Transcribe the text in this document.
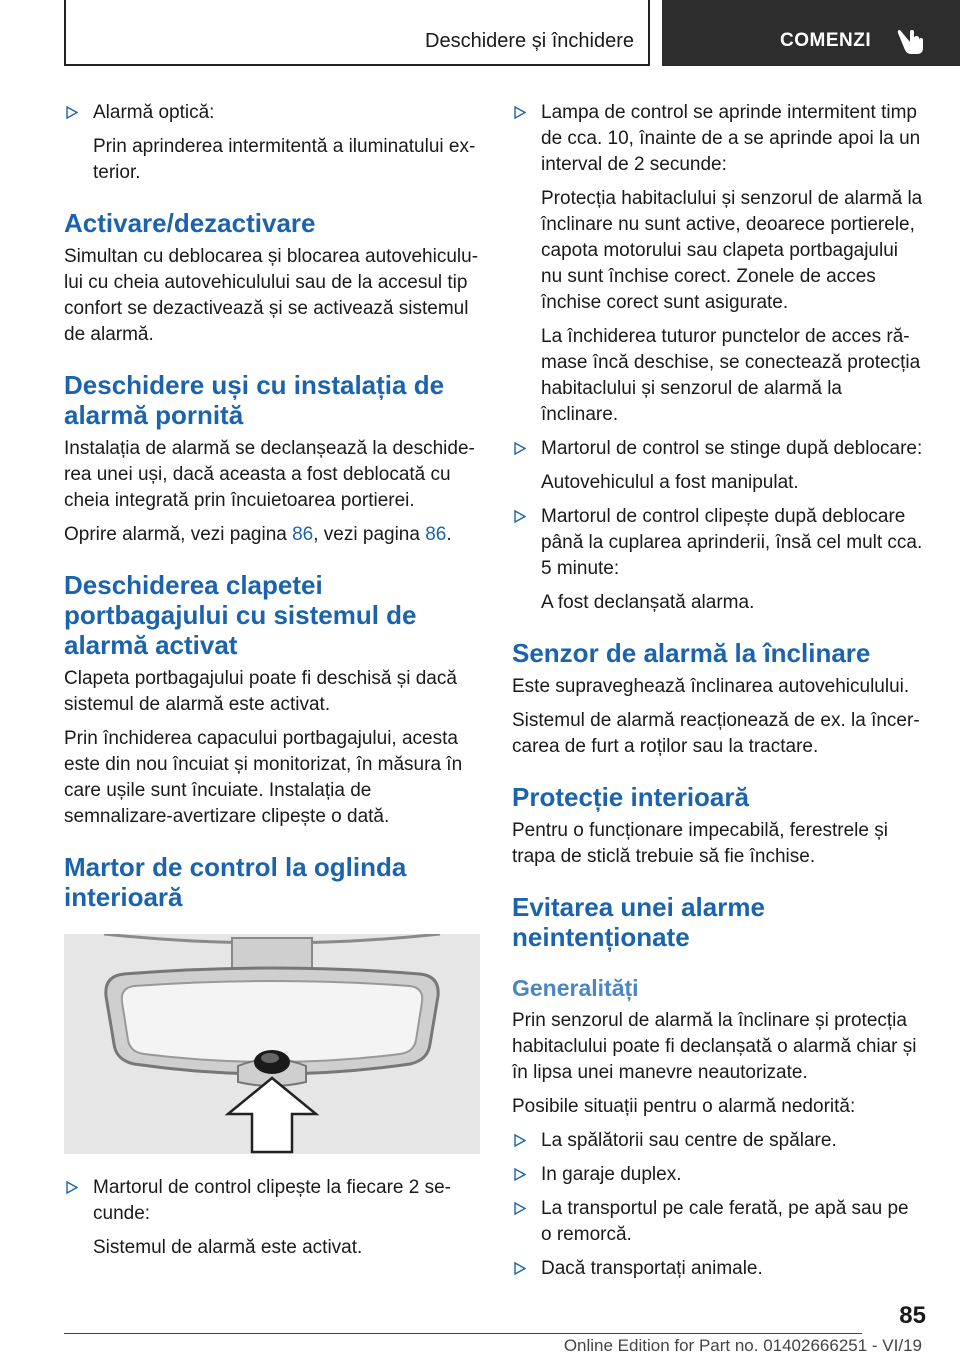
Deschidere și închidere	COMENZI
Alarmă optică:

Prin aprinderea intermitentă a iluminatului ex-terior.

Activare/dezactivare

Simultan cu deblocarea și blocarea autovehiculu-lui cu cheia autovehiculului sau de la accesul tip confort se dezactivează și se activează sistemul de alarmă.

Deschidere uși cu instalația de alarmă pornită

Instalația de alarmă se declanșează la deschide-rea unei uși, dacă aceasta a fost deblocată cu cheia integrată prin încuietoarea portierei.

Oprire alarmă, vezi pagina 86, vezi pagina 86.

Deschiderea clapetei portbagajului cu sistemul de alarmă activat

Clapeta portbagajului poate fi deschisă și dacă sistemul de alarmă este activat.

Prin închiderea capacului portbagajului, acesta este din nou încuiat și monitorizat, în măsura în care ușile sunt încuiate. Instalația de semnalizare-avertizare clipește o dată.

Martor de control la oglinda interioară
Martorul de control clipește la fiecare 2 se-cunde:

Sistemul de alarmă este activat.

Lampa de control se aprinde intermitent timp de cca. 10, înainte de a se aprinde apoi la un interval de 2 secunde:

Protecția habitaclului și senzorul de alarmă la înclinare nu sunt active, deoarece portierele, capota motorului sau clapeta portbagajului nu sunt închise corect. Zonele de acces închise corect sunt asigurate.

La închiderea tuturor punctelor de acces ră-mase încă deschise, se conectează protecția habitaclului și senzorul de alarmă la înclinare.

Martorul de control se stinge după deblocare:

Autovehiculul a fost manipulat.

Martorul de control clipește după deblocare până la cuplarea aprinderii, însă cel mult cca. 5 minute:

A fost declanșată alarma.

Senzor de alarmă la înclinare

Este supraveghează înclinarea autovehiculului.

Sistemul de alarmă reacționează de ex. la încer-carea de furt a roților sau la tractare.

Protecție interioară

Pentru o funcționare impecabilă, ferestrele și trapa de sticlă trebuie să fie închise.

Evitarea unei alarme neintenționate
Generalități

Prin senzorul de alarmă la înclinare și protecția habitaclului poate fi declanșată o alarmă chiar și în lipsa unei manevre neautorizate.

Posibile situații pentru o alarmă nedorită:

La spălătorii sau centre de spălare.
In garaje duplex.
La transportul pe cale ferată, pe apă sau pe o remorcă.
Dacă transportați animale.
85
Online Edition for Part no. 01402666251 - VI/19
